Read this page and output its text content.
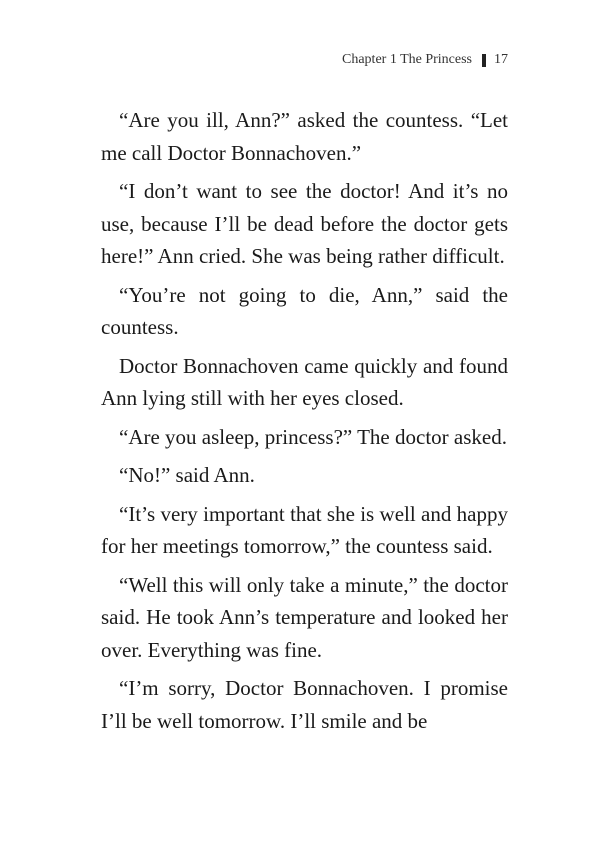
Chapter 1 The Princess 17

“Are you ill, Ann?” asked the countess. “Let me call Doctor Bonnachoven.”

“I don’t want to see the doctor! And it’s no use, because I’ll be dead before the doctor gets here!” Ann cried. She was being rather difficult.

“You’re not going to die, Ann,” said the countess.

Doctor Bonnachoven came quickly and found Ann lying still with her eyes closed.

“Are you asleep, princess?” The doctor asked.

“No!” said Ann.

“It’s very important that she is well and happy for her meetings tomorrow,” the countess said.

“Well this will only take a minute,” the doctor said. He took Ann’s temperature and looked her over. Everything was fine.

“I’m sorry, Doctor Bonnachoven. I promise I’ll be well tomorrow. I’ll smile and be
